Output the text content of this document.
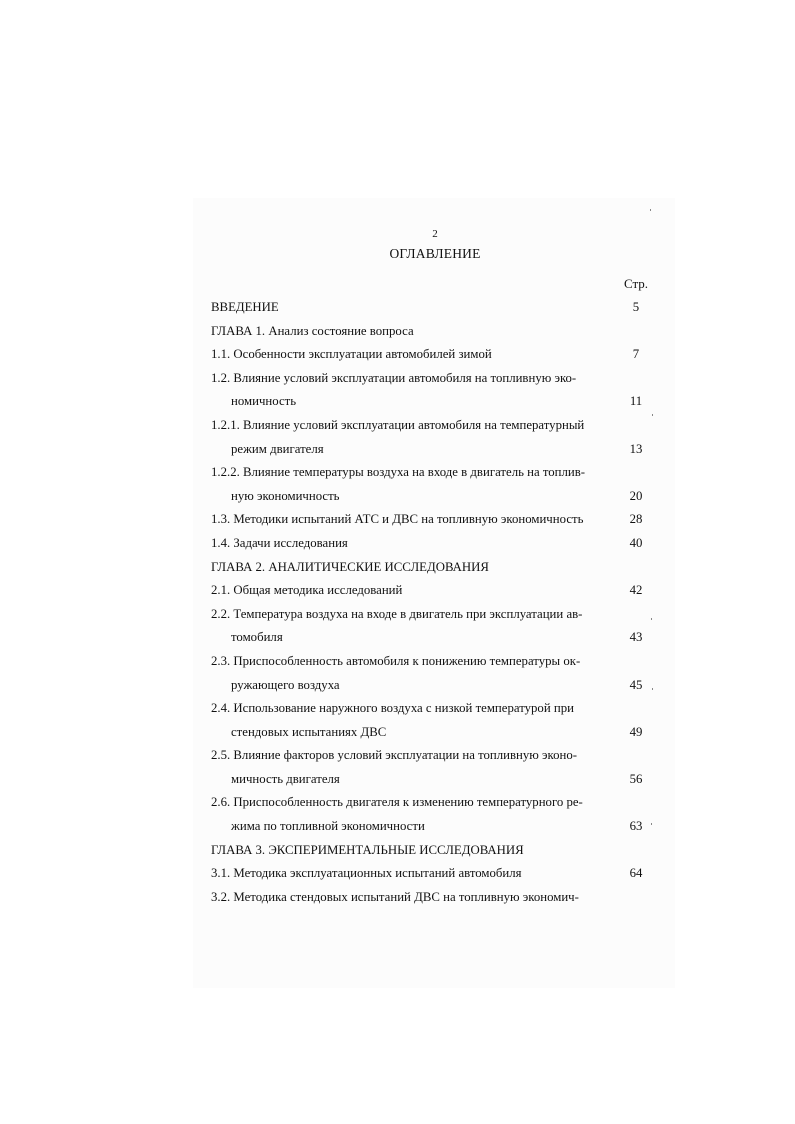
2
ОГЛАВЛЕНИЕ
Стр.
ВВЕДЕНИЕ	5
ГЛАВА 1. Анализ состояние вопроса
1.1. Особенности эксплуатации автомобилей зимой	7
1.2. Влияние условий эксплуатации автомобиля на топливную эко-
номичность	11
1.2.1. Влияние условий эксплуатации автомобиля на температурный
режим двигателя	13
1.2.2. Влияние температуры воздуха на входе в двигатель на топлив-
ную экономичность	20
1.3. Методики испытаний АТС и ДВС на топливную экономичность	28
1.4. Задачи исследования	40
ГЛАВА 2. АНАЛИТИЧЕСКИЕ ИССЛЕДОВАНИЯ
2.1. Общая методика исследований	42
2.2. Температура воздуха на входе в двигатель при эксплуатации ав-
томобиля	43
2.3. Приспособленность автомобиля к понижению температуры ок-
ружающего воздуха	45
2.4. Использование наружного воздуха с низкой температурой при
стендовых испытаниях ДВС	49
2.5. Влияние факторов условий эксплуатации на топливную эконо-
мичность двигателя	56
2.6. Приспособленность двигателя к изменению температурного ре-
жима по топливной экономичности	63
ГЛАВА 3. ЭКСПЕРИМЕНТАЛЬНЫЕ ИССЛЕДОВАНИЯ
3.1. Методика эксплуатационных испытаний автомобиля	64
3.2. Методика стендовых испытаний ДВС на топливную экономич-
